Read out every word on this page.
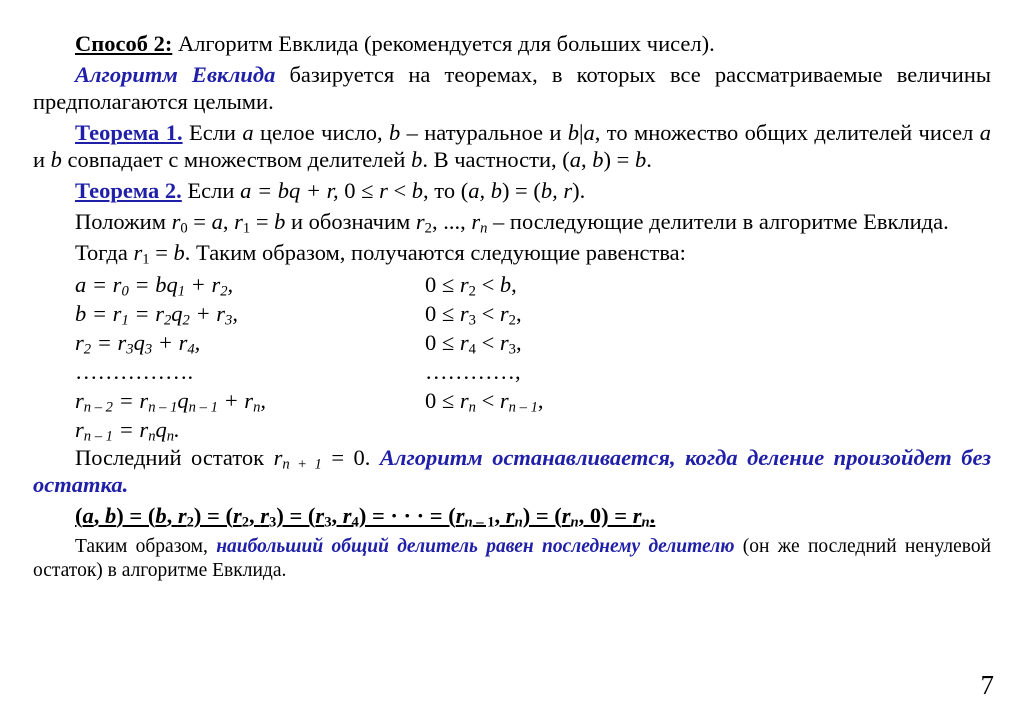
Способ 2: Алгоритм Евклида (рекомендуется для больших чисел).

Алгоритм Евклида базируется на теоремах, в которых все рассматриваемые величины предполагаются целыми.

Теорема 1. Если a целое число, b – натуральное и b|a, то множество общих делителей чисел a и b совпадает с множеством делителей b. В частности, (a, b) = b.

Теорема 2. Если a = bq + r, 0 ≤ r < b, то (a, b) = (b, r).

Положим $r_0 = a$, $r_1 = b$ и обозначим $r_2$, ..., $r_n$ – последующие делители в алгоритме Евклида.

Тогда $r_1 = b$. Таким образом, получаются следующие равенства:

$a = r_0 = bq_1 + r_2$,	$0 \le r_2 < b$,
$b = r_1 = r_2q_2 + r_3$,	$0 \le r_3 < r_2$,
$r_2 = r_3q_3 + r_4$,	$0 \le r_4 < r_3$,
…………….	…………,
$r_{n - 2} = r_{n - 1}q_{n - 1} + r_n$,	$0 \le r_n < r_{n - 1}$,
$r_{n - 1} = r_nq_n$.

Последний остаток $r_{n + 1} = 0$. Алгоритм останавливается, когда деление произойдет без остатка.

(a, b) = (b, $r_2) = (r_2$, $r_3) = (r_3$, $r_4$) = · · · = ($r_n$ $_{- 1}$, $r_n) = (r_n$, $0) = r_n$.

Таким образом, наибольший общий делитель равен последнему делителю (он же последний ненулевой остаток) в алгоритме Евклида.

7
